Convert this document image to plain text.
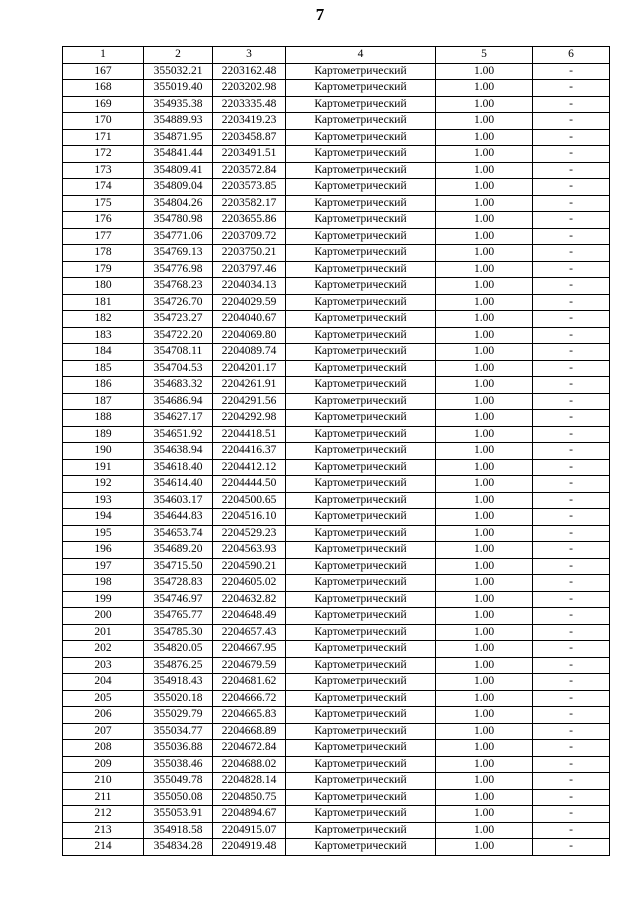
7
1	2	3	4	5	6
167	355032.21	2203162.48	Картометрический	1.00	-
168	355019.40	2203202.98	Картометрический	1.00	-
169	354935.38	2203335.48	Картометрический	1.00	-
170	354889.93	2203419.23	Картометрический	1.00	-
171	354871.95	2203458.87	Картометрический	1.00	-
172	354841.44	2203491.51	Картометрический	1.00	-
173	354809.41	2203572.84	Картометрический	1.00	-
174	354809.04	2203573.85	Картометрический	1.00	-
175	354804.26	2203582.17	Картометрический	1.00	-
176	354780.98	2203655.86	Картометрический	1.00	-
177	354771.06	2203709.72	Картометрический	1.00	-
178	354769.13	2203750.21	Картометрический	1.00	-
179	354776.98	2203797.46	Картометрический	1.00	-
180	354768.23	2204034.13	Картометрический	1.00	-
181	354726.70	2204029.59	Картометрический	1.00	-
182	354723.27	2204040.67	Картометрический	1.00	-
183	354722.20	2204069.80	Картометрический	1.00	-
184	354708.11	2204089.74	Картометрический	1.00	-
185	354704.53	2204201.17	Картометрический	1.00	-
186	354683.32	2204261.91	Картометрический	1.00	-
187	354686.94	2204291.56	Картометрический	1.00	-
188	354627.17	2204292.98	Картометрический	1.00	-
189	354651.92	2204418.51	Картометрический	1.00	-
190	354638.94	2204416.37	Картометрический	1.00	-
191	354618.40	2204412.12	Картометрический	1.00	-
192	354614.40	2204444.50	Картометрический	1.00	-
193	354603.17	2204500.65	Картометрический	1.00	-
194	354644.83	2204516.10	Картометрический	1.00	-
195	354653.74	2204529.23	Картометрический	1.00	-
196	354689.20	2204563.93	Картометрический	1.00	-
197	354715.50	2204590.21	Картометрический	1.00	-
198	354728.83	2204605.02	Картометрический	1.00	-
199	354746.97	2204632.82	Картометрический	1.00	-
200	354765.77	2204648.49	Картометрический	1.00	-
201	354785.30	2204657.43	Картометрический	1.00	-
202	354820.05	2204667.95	Картометрический	1.00	-
203	354876.25	2204679.59	Картометрический	1.00	-
204	354918.43	2204681.62	Картометрический	1.00	-
205	355020.18	2204666.72	Картометрический	1.00	-
206	355029.79	2204665.83	Картометрический	1.00	-
207	355034.77	2204668.89	Картометрический	1.00	-
208	355036.88	2204672.84	Картометрический	1.00	-
209	355038.46	2204688.02	Картометрический	1.00	-
210	355049.78	2204828.14	Картометрический	1.00	-
211	355050.08	2204850.75	Картометрический	1.00	-
212	355053.91	2204894.67	Картометрический	1.00	-
213	354918.58	2204915.07	Картометрический	1.00	-
214	354834.28	2204919.48	Картометрический	1.00	-
